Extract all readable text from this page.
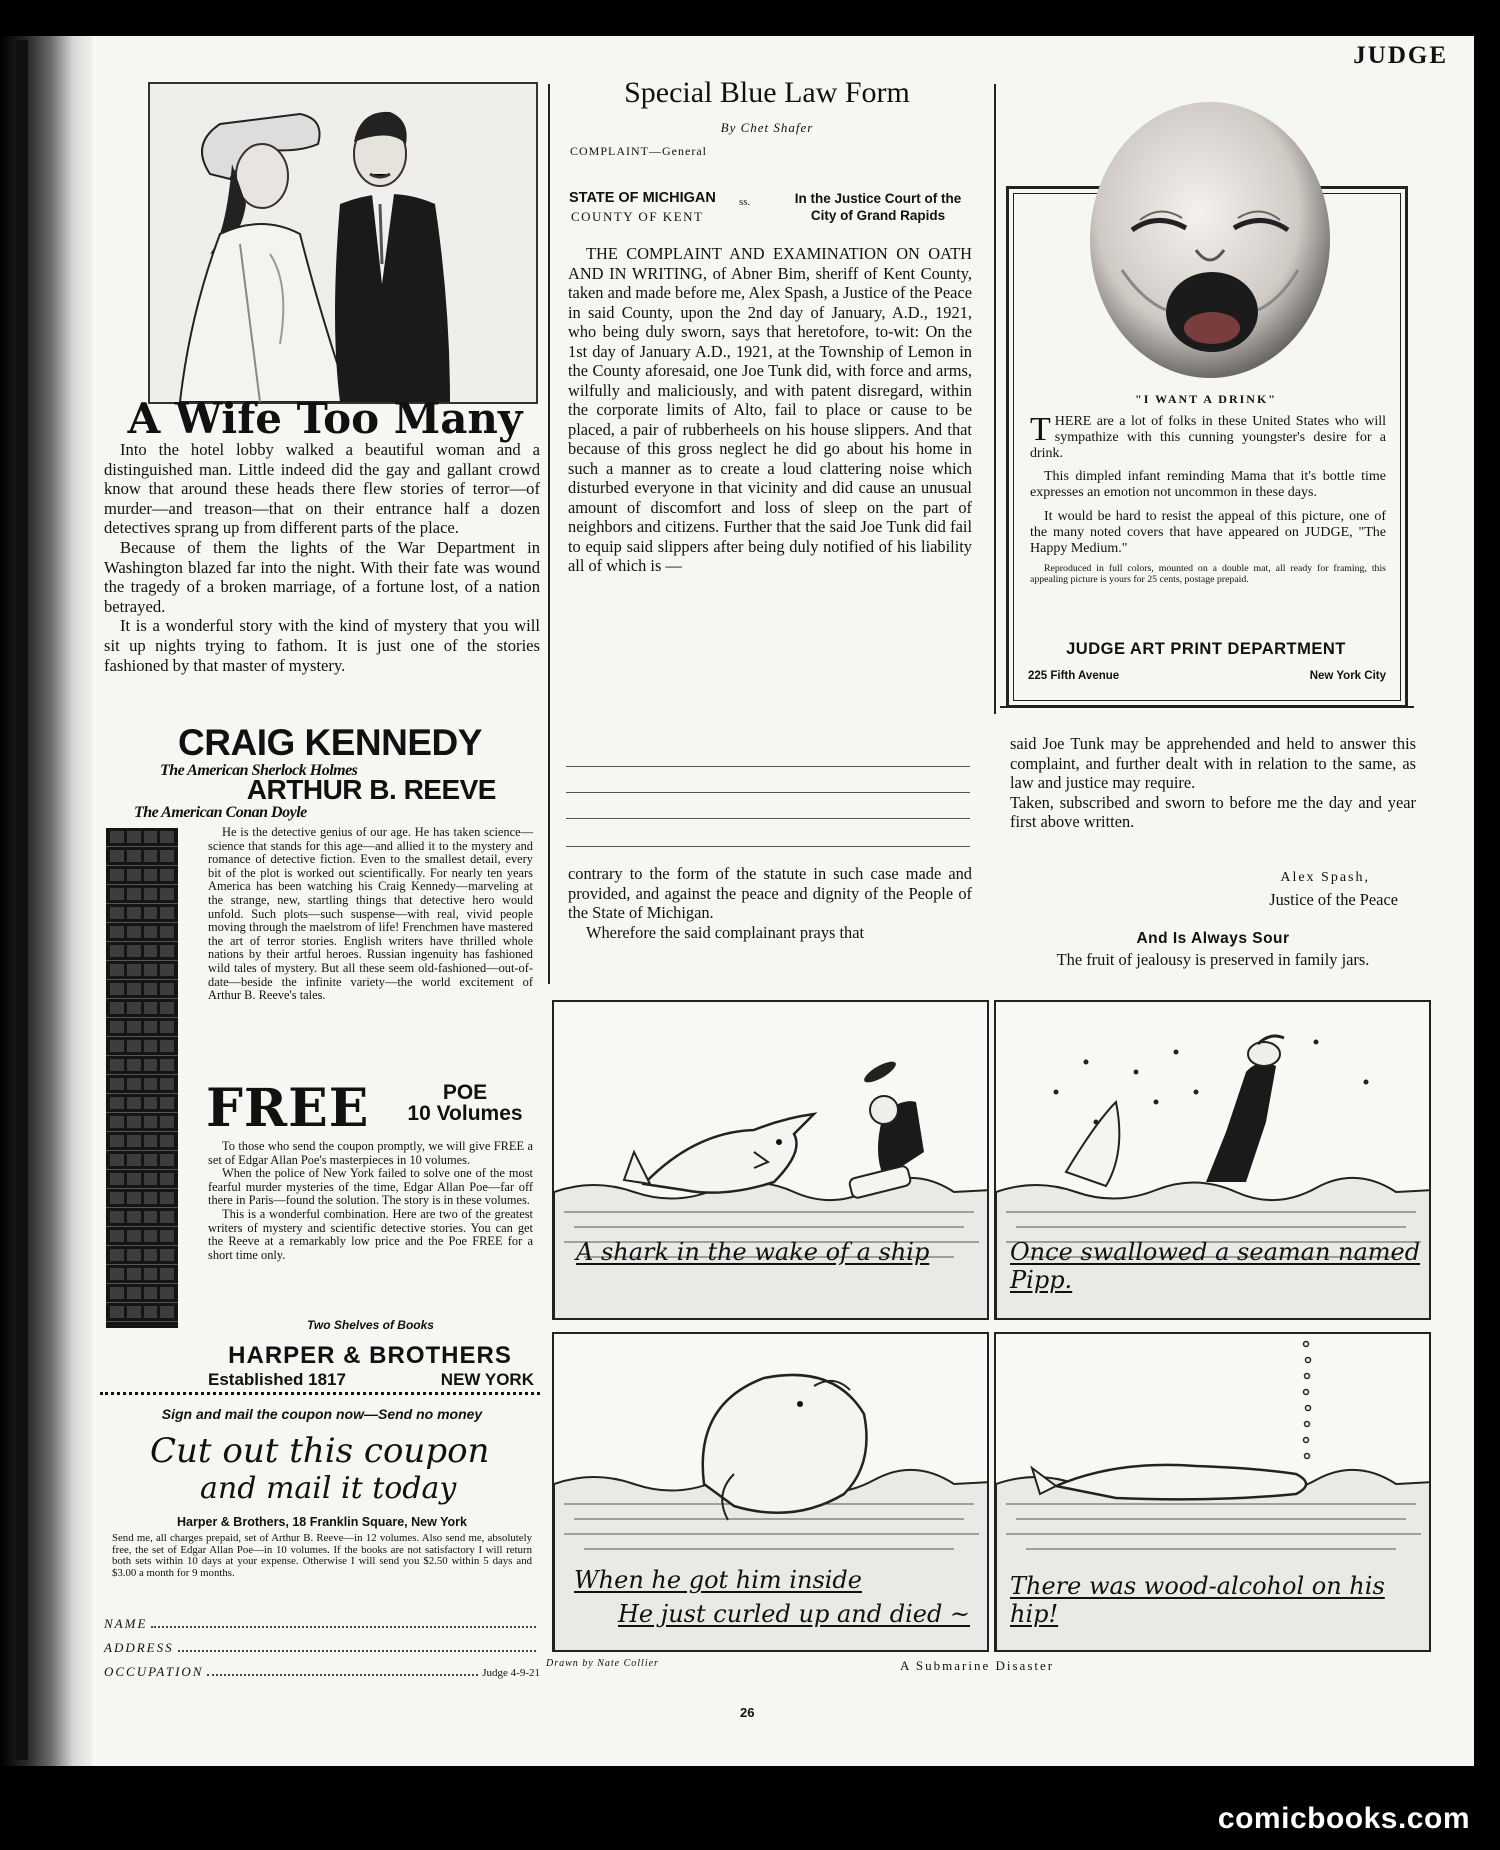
JUDGE
A Wife Too Many

Into the hotel lobby walked a beautiful woman and a distinguished man. Little indeed did the gay and gallant crowd know that around these heads there flew stories of terror—of murder—and treason—that on their entrance half a dozen detectives sprang up from different parts of the place.

Because of them the lights of the War Department in Washington blazed far into the night. With their fate was wound the tragedy of a broken marriage, of a fortune lost, of a nation betrayed.

It is a wonderful story with the kind of mystery that you will sit up nights trying to fathom. It is just one of the stories fashioned by that master of mystery.

CRAIG KENNEDY
The American Sherlock Holmes
ARTHUR B. REEVE
The American Conan Doyle

He is the detective genius of our age. He has taken science—science that stands for this age—and allied it to the mystery and romance of detective fiction. Even to the smallest detail, every bit of the plot is worked out scientifically. For nearly ten years America has been watching his Craig Kennedy—marveling at the strange, new, startling things that detective hero would unfold. Such plots—such suspense—with real, vivid people moving through the maelstrom of life! Frenchmen have mastered the art of terror stories. English writers have thrilled whole nations by their artful heroes. Russian ingenuity has fashioned wild tales of mystery. But all these seem old-fashioned—out-of-date—beside the infinite variety—the world excitement of Arthur B. Reeve's tales.

FREE	POE
10 Volumes

To those who send the coupon promptly, we will give FREE a set of Edgar Allan Poe's masterpieces in 10 volumes.

When the police of New York failed to solve one of the most fearful murder mysteries of the time, Edgar Allan Poe—far off there in Paris—found the solution. The story is in these volumes.

This is a wonderful combination. Here are two of the greatest writers of mystery and scientific detective stories. You can get the Reeve at a remarkably low price and the Poe FREE for a short time only.

Two Shelves of Books
HARPER & BROTHERS
Established 1817	NEW YORK
Sign and mail the coupon now—Send no money
Cut out this coupon
and mail it today
Harper & Brothers, 18 Franklin Square, New York
Send me, all charges prepaid, set of Arthur B. Reeve—in 12 volumes. Also send me, absolutely free, the set of Edgar Allan Poe—in 10 volumes. If the books are not satisfactory I will return both sets within 10 days at your expense. Otherwise I will send you $2.50 within 5 days and $3.00 a month for 9 months.
NAME
ADDRESS
OCCUPATION	Judge 4-9-21
Special Blue Law Form
By Chet Shafer
COMPLAINT—General
STATE OF MICHIGAN
COUNTY OF KENT
ss.	In the Justice Court of the
City of Grand Rapids

THE COMPLAINT AND EXAMINATION ON OATH AND IN WRITING, of Abner Bim, sheriff of Kent County, taken and made before me, Alex Spash, a Justice of the Peace in said County, upon the 2nd day of January, A.D., 1921, who being duly sworn, says that heretofore, to-wit: On the 1st day of January A.D., 1921, at the Township of Lemon in the County aforesaid, one Joe Tunk did, with force and arms, wilfully and maliciously, and with patent disregard, within the corporate limits of Alto, fail to place or cause to be placed, a pair of rubberheels on his house slippers. And that because of this gross neglect he did go about his home in such a manner as to create a loud clattering noise which disturbed everyone in that vicinity and did cause an unusual amount of discomfort and loss of sleep on the part of neighbors and citizens. Further that the said Joe Tunk did fail to equip said slippers after being duly notified of his liability all of which is —

contrary to the form of the statute in such case made and provided, and against the peace and dignity of the People of the State of Michigan.

Wherefore the said complainant prays that

"I WANT A DRINK"

THERE are a lot of folks in these United States who will sympathize with this cunning youngster's desire for a drink.

This dimpled infant reminding Mama that it's bottle time expresses an emotion not uncommon in these days.

It would be hard to resist the appeal of this picture, one of the many noted covers that have appeared on JUDGE, "The Happy Medium."

Reproduced in full colors, mounted on a double mat, all ready for framing, this appealing picture is yours for 25 cents, postage prepaid.

JUDGE ART PRINT DEPARTMENT
225 Fifth Avenue	New York City

said Joe Tunk may be apprehended and held to answer this complaint, and further dealt with in relation to the same, as law and justice may require.

Taken, subscribed and sworn to before me the day and year first above written.

Alex Spash,
Justice of the Peace
And Is Always Sour
The fruit of jealousy is preserved in family jars.
A shark in the wake of a ship	Once swallowed a seaman named Pipp.
When he got him inside
He just curled up and died ~
There was wood-alcohol on his hip!
Drawn by Nate Collier	A Submarine Disaster
26
comicbooks.com
